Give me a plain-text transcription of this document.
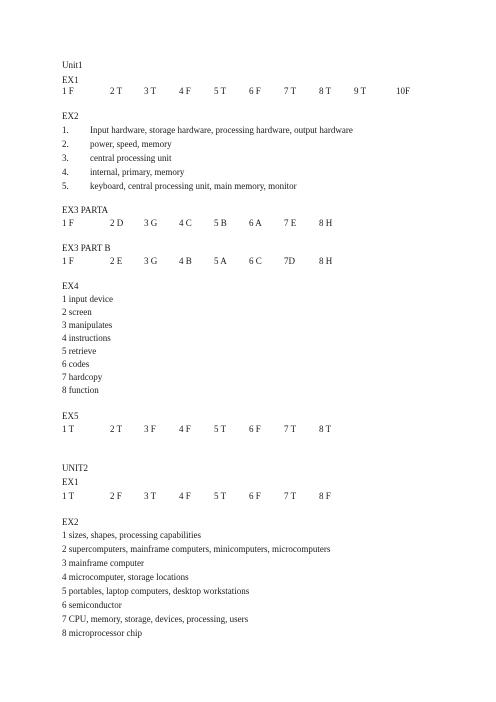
Unit1
EX1
1 F	2 T 3 T	4 F	5 T	6 F	7 T	8 T	9 T	10F
EX2
1.	Input hardware, storage hardware, processing hardware, output hardware
2.	power, speed, memory
3.	central processing unit
4.	internal, primary, memory
5.	keyboard, central processing unit, main memory, monitor
EX3 PARTA
1 F	2 D 3 G 4 C 5 B 6 A 7 E	8 H
EX3 PART B
1 F	2 E 3 G 4 B 5 A 6 C 7D	8 H
EX4
1 input device
2 screen
3 manipulates
4 instructions
5 retrieve
6 codes
7 hardcopy
8 function
EX5
1 T	2 T 3 F	4 F	5 T	6 F	7 T	8 T
UNIT2
EX1
1 T	2 F 3 T	4 F	5 T	6 F	7 T	8 F
EX2
1 sizes, shapes, processing capabilities
2 supercomputers, mainframe computers, minicomputers, microcomputers
3 mainframe computer
4 microcomputer, storage locations
5 portables, laptop computers, desktop workstations
6 semiconductor
7 CPU, memory, storage, devices, processing, users
8 microprocessor chip
